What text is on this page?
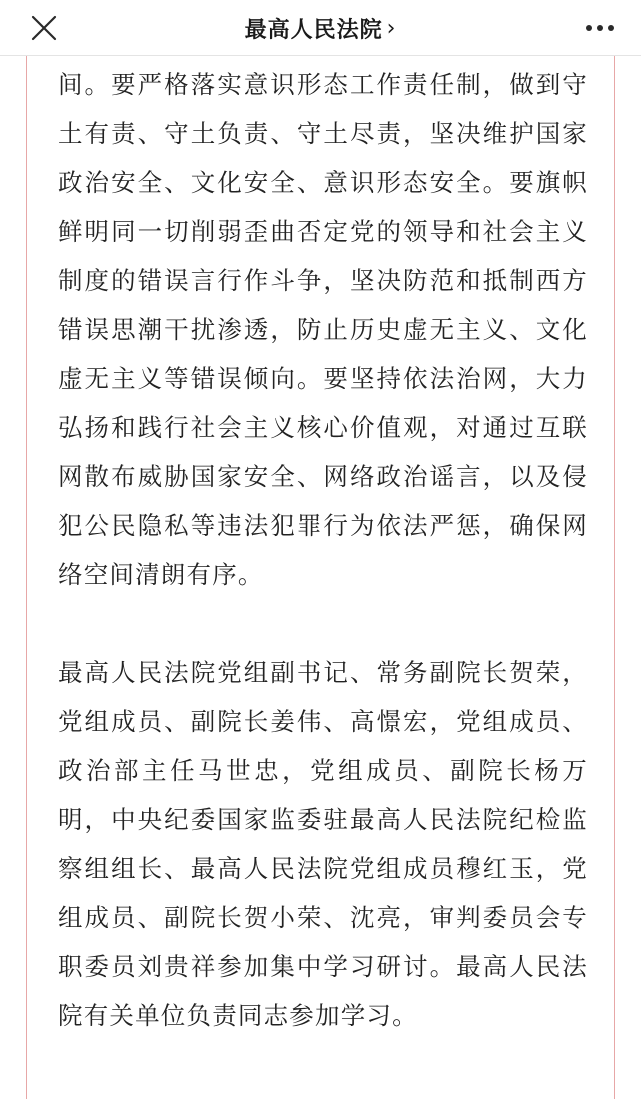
最高人民法院 ›

间。要严格落实意识形态工作责任制，做到守土有责、守土负责、守土尽责，坚决维护国家政治安全、文化安全、意识形态安全。要旗帜鲜明同一切削弱歪曲否定党的领导和社会主义制度的错误言行作斗争，坚决防范和抵制西方错误思潮干扰渗透，防止历史虚无主义、文化虚无主义等错误倾向。要坚持依法治网，大力弘扬和践行社会主义核心价值观，对通过互联网散布威胁国家安全、网络政治谣言，以及侵犯公民隐私等违法犯罪行为依法严惩，确保网络空间清朗有序。

最高人民法院党组副书记、常务副院长贺荣，党组成员、副院长姜伟、高憬宏，党组成员、政治部主任马世忠，党组成员、副院长杨万明，中央纪委国家监委驻最高人民法院纪检监察组组长、最高人民法院党组成员穆红玉，党组成员、副院长贺小荣、沈亮，审判委员会专职委员刘贵祥参加集中学习研讨。最高人民法院有关单位负责同志参加学习。
